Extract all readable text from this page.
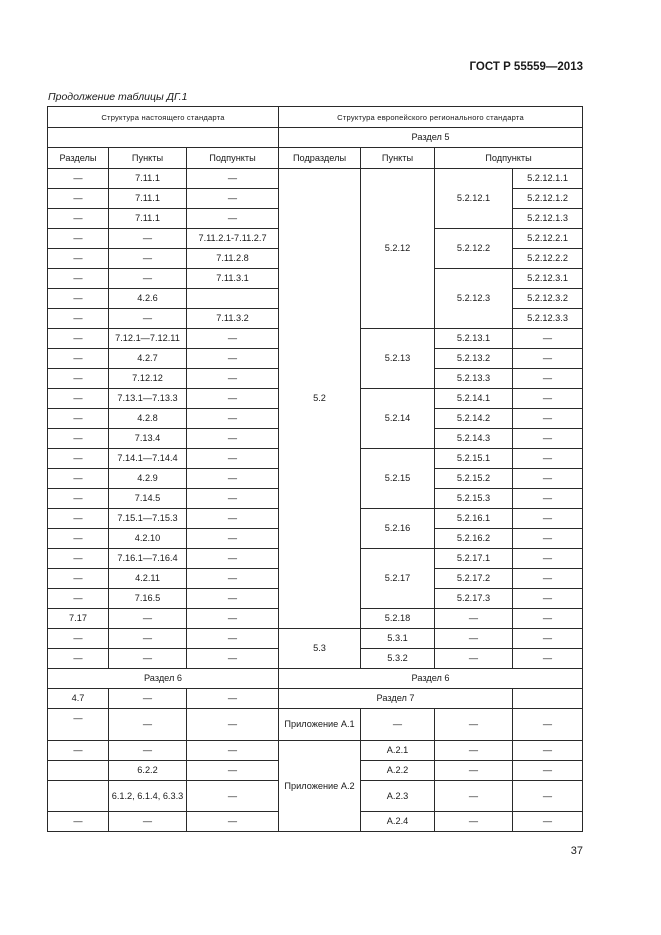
ГОСТ Р 55559—2013
Продолжение таблицы ДГ.1
Структура настоящего стандарта			Структура европейского регионального стандарта			
			Раздел 5			
Разделы	Пункты	Подпункты	Подразделы	Пункты	Подпункты	
—	7.11.1	—	5.2	5.2.12	5.2.12.1	5.2.12.1.1
—	7.11.1	—				5.2.12.1.2
—	7.11.1	—				5.2.12.1.3
—	—	7.11.2.1-7.11.2.7			5.2.12.2	5.2.12.2.1
—	—	7.11.2.8				5.2.12.2.2
—	—	7.11.3.1			5.2.12.3	5.2.12.3.1
—	4.2.6					5.2.12.3.2
—	—	7.11.3.2				5.2.12.3.3
—	7.12.1—7.12.11	—		5.2.13	5.2.13.1	—
—	4.2.7	—			5.2.13.2	—
—	7.12.12	—			5.2.13.3	—
—	7.13.1—7.13.3	—		5.2.14	5.2.14.1	—
—	4.2.8	—			5.2.14.2	—
—	7.13.4	—			5.2.14.3	—
—	7.14.1—7.14.4	—		5.2.15	5.2.15.1	—
—	4.2.9	—			5.2.15.2	—
—	7.14.5	—			5.2.15.3	—
—	7.15.1—7.15.3	—		5.2.16	5.2.16.1	—
—	4.2.10	—			5.2.16.2	—
—	7.16.1—7.16.4	—		5.2.17	5.2.17.1	—
—	4.2.11	—			5.2.17.2	—
—	7.16.5	—			5.2.17.3	—
7.17	—	—		5.2.18	—	—
—	—	—	5.3	5.3.1	—	—
—	—	—		5.3.2	—	—
Раздел 6			Раздел 6			
4.7	—	—	Раздел 7			
—	—	—	Приложение А.1	—	—	—
—	—	—	Приложение А.2	А.2.1	—	—
	6.2.2	—		А.2.2	—	—
	6.1.2, 6.1.4, 6.3.3	—		А.2.3	—	—
—	—	—		А.2.4	—	—
37
